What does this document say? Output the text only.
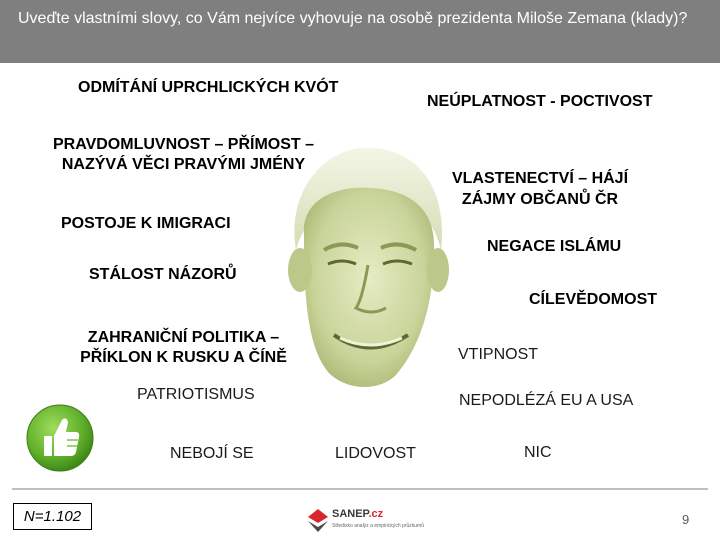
Uveďte vlastními slovy, co Vám nejvíce vyhovuje na osobě prezidenta Miloše Zemana (klady)?
ODMÍTÁNÍ UPRCHLICKÝCH KVÓT
NEÚPLATNOST - POCTIVOST
PRAVDOMLUVNOST – PŘÍMOST –
NAZÝVÁ VĚCI PRAVÝMI JMÉNY
VLASTENECTVÍ – HÁJÍ
ZÁJMY OBČANŮ ČR
POSTOJE K IMIGRACI
NEGACE ISLÁMU
STÁLOST NÁZORŮ
CÍLEVĚDOMOST
ZAHRANIČNÍ POLITIKA –
PŘÍKLON K RUSKU A ČÍNĚ	VTIPNOST
PATRIOTISMUS	NEPODLÉZÁ EU A USA
NEBOJÍ SE	LIDOVOST	NIC
N=1.102	SANEP.cz
Středisko analýz a empirických průzkumů	9
